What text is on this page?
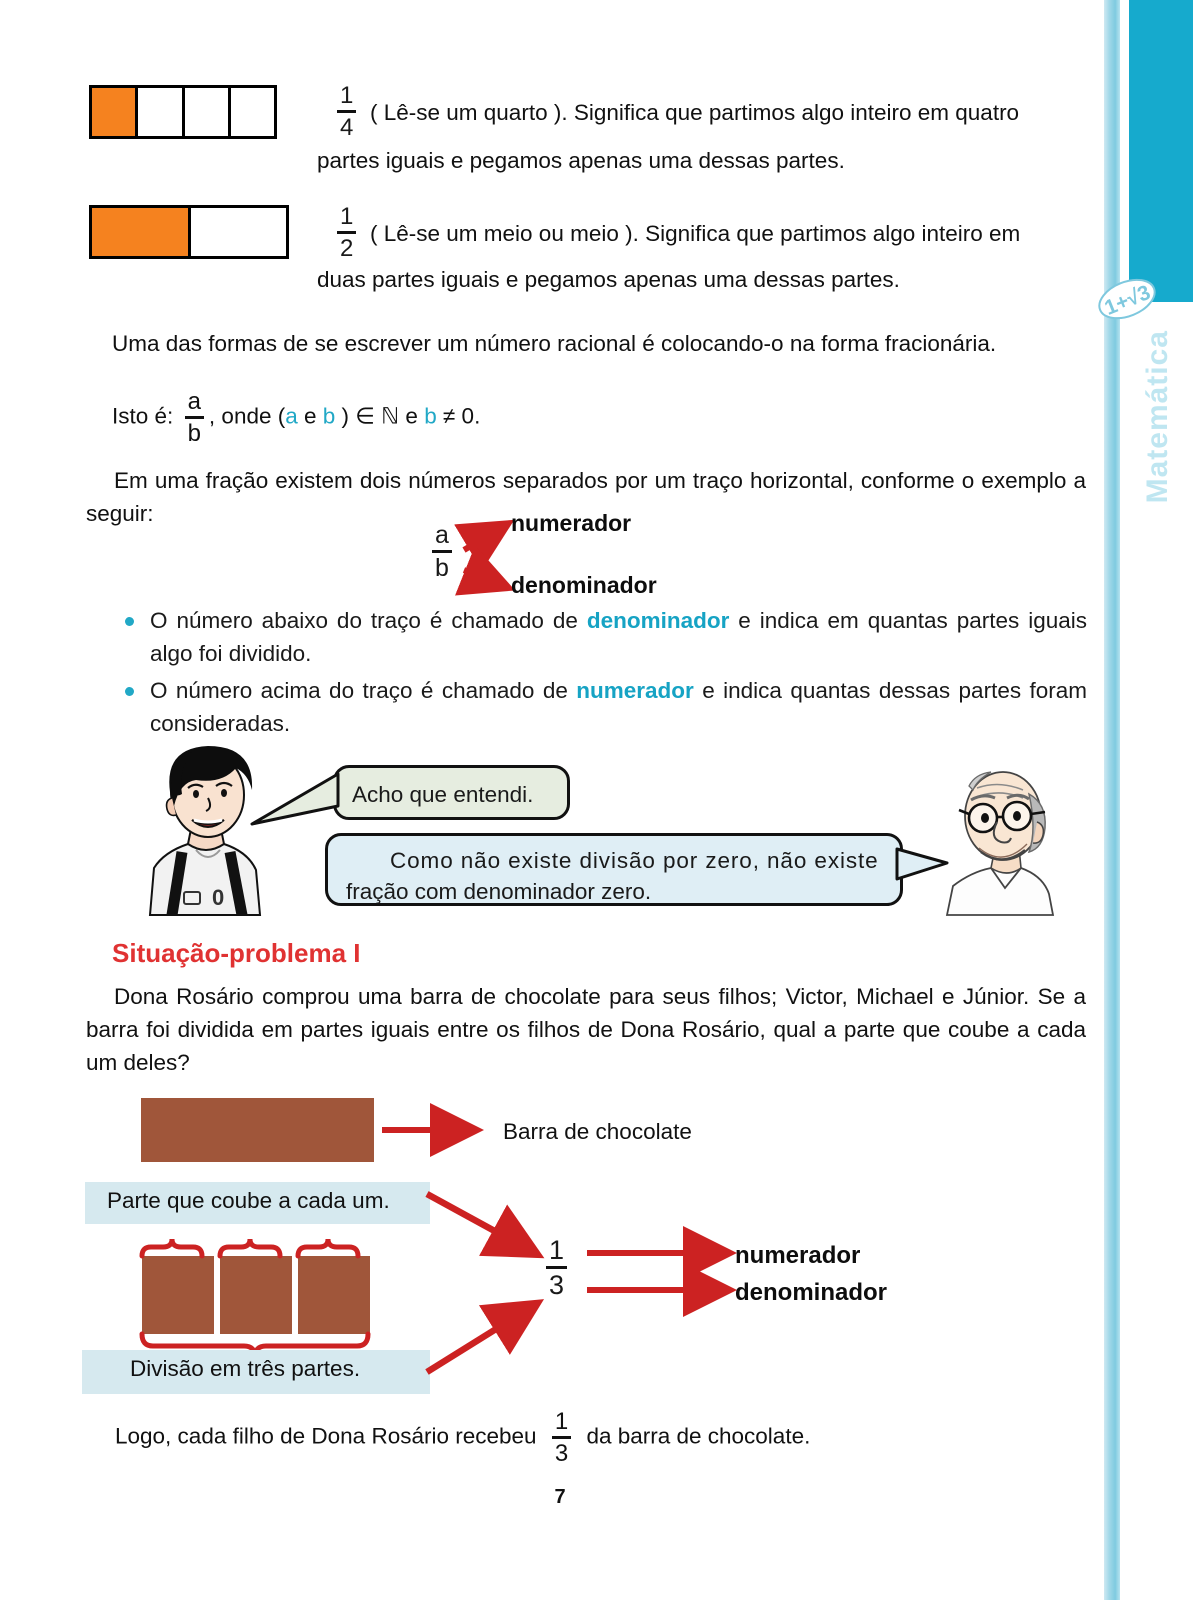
Matemática
1+√3
$\frac{1}{4}$ ( Lê-se um quarto ). Significa que partimos algo inteiro em quatro
partes iguais e pegamos apenas uma dessas partes.
$\frac{1}{2}$ ( Lê-se um meio ou meio ). Significa que partimos algo inteiro em
duas partes iguais e pegamos apenas uma dessas partes.
Uma das formas de se escrever um número racional é colocando-o na forma fracionária.
Isto é: $\frac{a}{b}$ , onde (a e b ) ∈ ℕ e b ≠ 0.
Em uma fração existem dois números separados por um traço horizontal, conforme o exemplo a seguir:
$\frac{a}{b}$	numerador
denominador
O número abaixo do traço é chamado de denominador e indica em quantas partes iguais algo foi dividido.
O número acima do traço é chamado de numerador e indica quantas dessas partes foram consideradas.
0
Acho que entendi.
Como não existe divisão por zero, não existe
fração com denominador zero.
Situação-problema I
Dona Rosário comprou uma barra de chocolate para seus filhos; Victor, Michael e Júnior. Se a barra foi dividida em partes iguais entre os filhos de Dona Rosário, qual a parte que coube a cada um deles?
Barra de chocolate
Parte que coube a cada um.
Divisão em três partes.
$\frac{1}{3}$	numerador
denominador
Logo, cada filho de Dona Rosário recebeu $\frac{1}{3}$ da barra de chocolate.
7
